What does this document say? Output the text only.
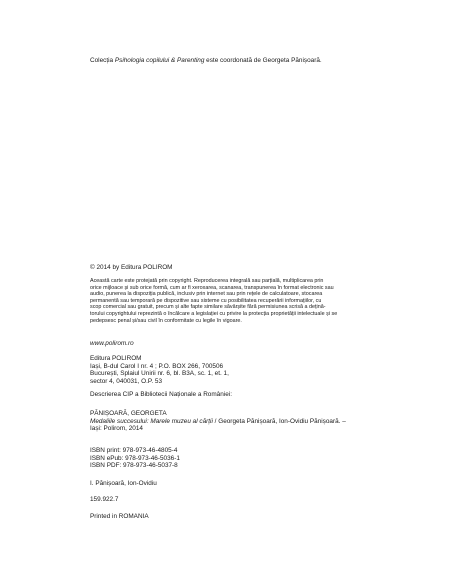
Colecția Psihologia copilului & Parenting este coordonată de Georgeta Pănișoară.
© 2014 by Editura POLIROM
Această carte este protejată prin copyright. Reproducerea integrală sau parțială, multiplicarea prin
orice mijloace și sub orice formă, cum ar fi xeroxarea, scanarea, transpunerea în format electronic sau
audio, punerea la dispoziția publică, inclusiv prin internet sau prin rețele de calculatoare, stocarea
permanentă sau temporară pe dispozitive sau sisteme cu posibilitatea recuperării informațiilor, cu
scop comercial sau gratuit, precum și alte fapte similare săvârșite fără permisiunea scrisă a dețină-
torului copyrightului reprezintă o încălcare a legislației cu privire la protecția proprietății intelectuale și se
pedepsesc penal și/sau civil în conformitate cu legile în vigoare.
www.polirom.ro
Editura POLIROM
Iași, B-dul Carol I nr. 4 ; P.O. BOX 266, 700506
București, Splaiul Unirii nr. 6, bl. B3A, sc. 1, et. 1,
sector 4, 040031, O.P. 53
Descrierea CIP a Bibliotecii Naționale a României:
PĂNIȘOARĂ, GEORGETA
Medaliile succesului: Marele muzeu al cărții / Georgeta Pănișoară, Ion-Ovidiu Pănișoară. –
Iași: Polirom, 2014
ISBN print: 978-973-46-4805-4
ISBN ePub: 978-973-46-5036-1
ISBN PDF: 978-973-46-5037-8
I. Pănișoară, Ion-Ovidiu
159.922.7
Printed in ROMANIA
